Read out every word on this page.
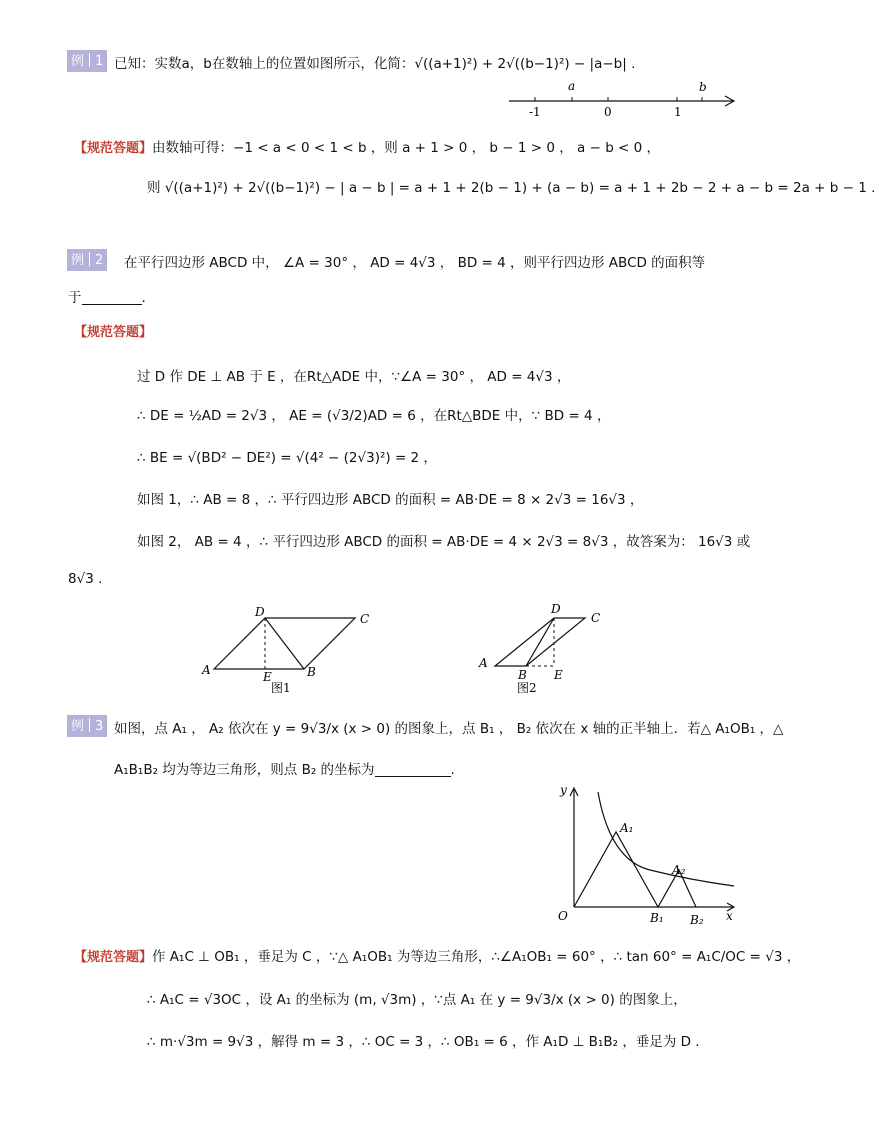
例 1 已知：实数a，b在数轴上的位置如图所示，化简：√((a+1)²) + 2√((b−1)²) − |a−b| .
a	b
-1	0	1
【规范答题】由数轴可得：−1 < a < 0 < 1 < b ，则 a + 1 > 0 ， b − 1 > 0 ， a − b < 0 ，
则 √((a+1)²) + 2√((b−1)²) − | a − b | = a + 1 + 2(b − 1) + (a − b) = a + 1 + 2b − 2 + a − b = 2a + b − 1 .
例 2 在平行四边形 ABCD 中， ∠A = 30° ， AD = 4√3 ， BD = 4 ，则平行四边形 ABCD 的面积等
于	.
【规范答题】
过 D 作 DE ⊥ AB 于 E ，在Rt△ADE 中，∵∠A = 30° ， AD = 4√3 ，
∴ DE = ½AD = 2√3 ， AE = (√3/2)AD = 6 ，在Rt△BDE 中，∵ BD = 4 ，
∴ BE = √(BD² − DE²) = √(4² − (2√3)²) = 2 ，
如图 1，∴ AB = 8 ，∴ 平行四边形 ABCD 的面积 = AB·DE = 8 × 2√3 = 16√3 ，
如图 2， AB = 4 ，∴ 平行四边形 ABCD 的面积 = AB·DE = 4 × 2√3 = 8√3 ，故答案为： 16√3 或
8√3 .
A
D	C
B
E
图1
A
D
C
B E
图2
例 3 如图，点 A₁ ， A₂ 依次在 y = 9√3/x (x > 0) 的图象上，点 B₁ ， B₂ 依次在 x 轴的正半轴上．若△ A₁OB₁ ，△
A₁B₁B₂ 均为等边三角形，则点 B₂ 的坐标为	.
y
x
O
A₁
A₂
B₁ B₂
【规范答题】作 A₁C ⊥ OB₁ ，垂足为 C ，∵△ A₁OB₁ 为等边三角形，∴∠A₁OB₁ = 60° ，∴ tan 60° = A₁C/OC = √3 ，
∴ A₁C = √3OC ，设 A₁ 的坐标为 (m, √3m) ，∵点 A₁ 在 y = 9√3/x (x > 0) 的图象上，
∴ m·√3m = 9√3 ，解得 m = 3 ，∴ OC = 3 ，∴ OB₁ = 6 ，作 A₁D ⊥ B₁B₂ ，垂足为 D .
